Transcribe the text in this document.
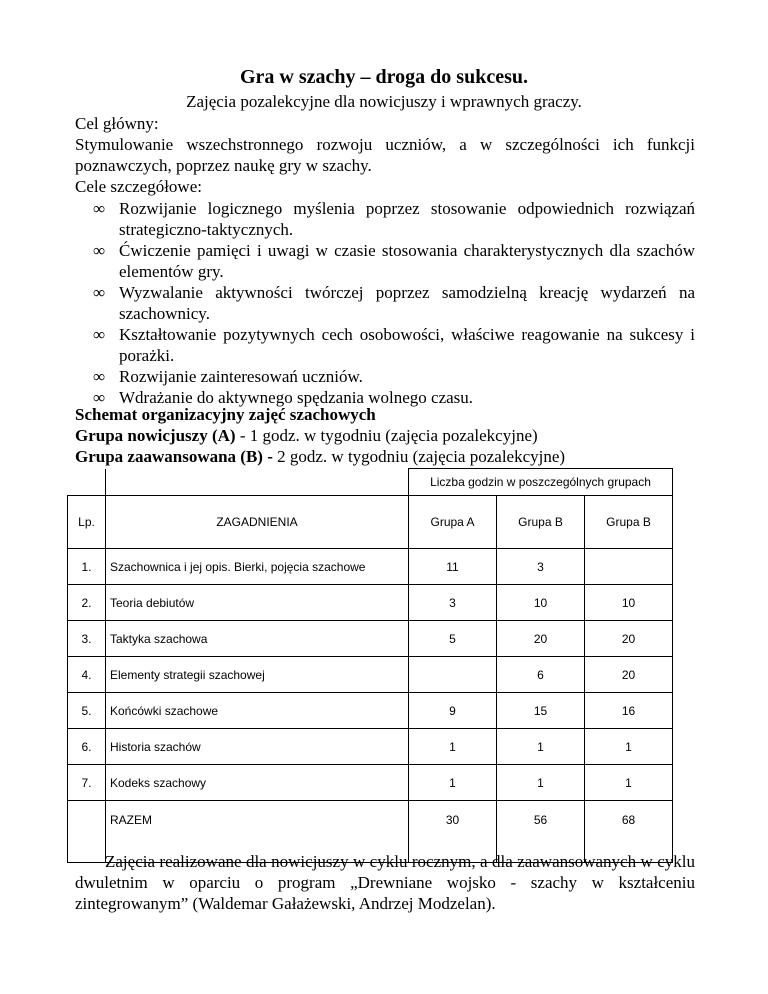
Gra w szachy – droga do sukcesu.
Zajęcia pozalekcyjne dla nowicjuszy i wprawnych graczy.
Cel główny:
Stymulowanie wszechstronnego rozwoju uczniów, a w szczególności ich funkcji poznawczych, poprzez naukę gry w szachy.
Cele szczegółowe:
∞ Rozwijanie logicznego myślenia poprzez stosowanie odpowiednich rozwiązań strategiczno-taktycznych.
∞ Ćwiczenie pamięci i uwagi w czasie stosowania charakterystycznych dla szachów elementów gry.
∞ Wyzwalanie aktywności twórczej poprzez samodzielną kreację wydarzeń na szachownicy.
∞ Kształtowanie pozytywnych cech osobowości, właściwe reagowanie na sukcesy i porażki.
∞ Rozwijanie zainteresowań uczniów.
∞ Wdrażanie do aktywnego spędzania wolnego czasu.
Schemat organizacyjny zajęć szachowych
Grupa nowicjuszy (A) - 1 godz. w tygodniu (zajęcia pozalekcyjne)
Grupa zaawansowana (B) - 2 godz. w tygodniu (zajęcia pozalekcyjne)
		Liczba godzin w poszczególnych grupach		
Lp.	ZAGADNIENIA	Grupa A	Grupa B	Grupa B
1.	Szachownica i jej opis. Bierki, pojęcia szachowe	11	3	
2.	Teoria debiutów	3	10	10
3.	Taktyka szachowa	5	20	20
4.	Elementy strategii szachowej		6	20
5.	Końcówki szachowe	9	15	16
6.	Historia szachów	1	1	1
7.	Kodeks szachowy	1	1	1
	RAZEM	30	56	68
Zajęcia realizowane dla nowicjuszy w cyklu rocznym, a dla zaawansowanych w cyklu dwuletnim w oparciu o program „Drewniane wojsko - szachy w kształceniu zintegrowanym” (Waldemar Gałażewski, Andrzej Modzelan).
